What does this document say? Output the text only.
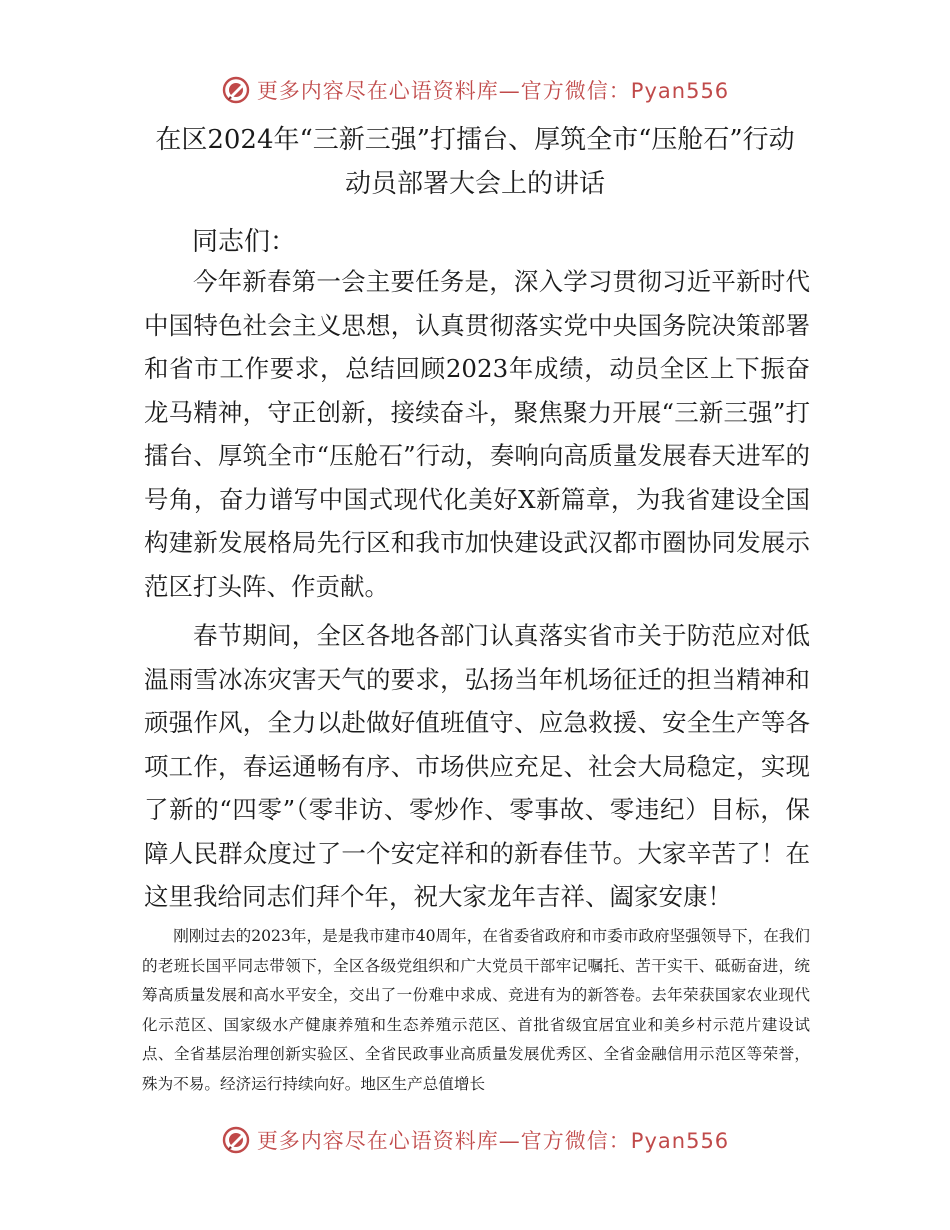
更多内容尽在心语资料库—官方微信：Pyan556
在区2024年“三新三强”打擂台、厚筑全市“压舱石”行动
动员部署大会上的讲话
同志们：

今年新春第一会主要任务是，深入学习贯彻习近平新时代中国特色社会主义思想，认真贯彻落实党中央国务院决策部署和省市工作要求，总结回顾2023年成绩，动员全区上下振奋龙马精神，守正创新，接续奋斗，聚焦聚力开展“三新三强”打擂台、厚筑全市“压舱石”行动，奏响向高质量发展春天进军的号角，奋力谱写中国式现代化美好X新篇章，为我省建设全国构建新发展格局先行区和我市加快建设武汉都市圈协同发展示范区打头阵、作贡献。

春节期间，全区各地各部门认真落实省市关于防范应对低温雨雪冰冻灾害天气的要求，弘扬当年机场征迁的担当精神和顽强作风，全力以赴做好值班值守、应急救援、安全生产等各项工作，春运通畅有序、市场供应充足、社会大局稳定，实现了新的“四零”（零非访、零炒作、零事故、零违纪）目标，保障人民群众度过了一个安定祥和的新春佳节。大家辛苦了！在这里我给同志们拜个年，祝大家龙年吉祥、阖家安康！

刚刚过去的2023年，是是我市建市40周年，在省委省政府和市委市政府坚强领导下，在我们的老班长国平同志带领下，全区各级党组织和广大党员干部牢记嘱托、苦干实干、砥砺奋进，统筹高质量发展和高水平安全，交出了一份难中求成、竞进有为的新答卷。去年荣获国家农业现代化示范区、国家级水产健康养殖和生态养殖示范区、首批省级宜居宜业和美乡村示范片建设试点、全省基层治理创新实验区、全省民政事业高质量发展优秀区、全省金融信用示范区等荣誉，殊为不易。经济运行持续向好。地区生产总值增长

更多内容尽在心语资料库—官方微信：Pyan556
